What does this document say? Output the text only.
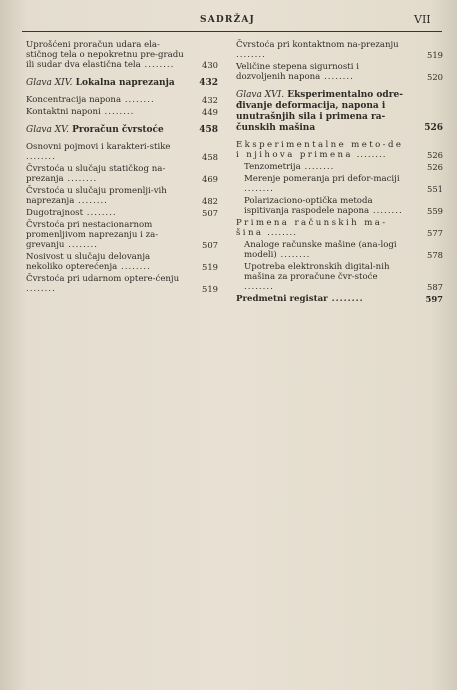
SADRŽAJ	VII
Uprošćeni proračun udara ela-stičnog tela o nepokretnu pre-gradu ili sudar dva elastična tela ........	430
Glava XIV. Lokalna naprezanja	432
Koncentracija napona ........	432
Kontaktni naponi ........	449
Glava XV. Proračun čvrstoće	458
Osnovni pojmovi i karakteri-stike ........	458
Čvrstoća u slučaju statičkog na-prezanja ........	469
Čvrstoća u slučaju promenlji-vih naprezanja ........	482
Dugotrajnost ........	507
Čvrstoća pri nestacionarnom promenljivom naprezanju i za-grevanju ........	507
Nosivost u slučaju delovanja nekoliko opterećenja ........	519
Čvrstoća pri udarnom optere-ćenju ........	519
Čvrstoća pri kontaktnom na-prezanju ........	519
Veličine stepena sigurnosti i dozvoljenih napona ........	520
Glava XVI. Eksperimentalno odre-đivanje deformacija, napona i unutrašnjih sila i primena ra-čunskih mašina	526
Eksperimentalne meto-de i njihova primena ........	526
Tenzometrija ........	526
Merenje pomeranja pri defor-maciji ........	551
Polarizaciono-optička metoda ispitivanja raspodele napona ........	559
Primena računskih ma-šina ........	577
Analoge računske mašine (ana-logi modeli) ........	578
Upotreba elektronskih digital-nih mašina za proračune čvr-stoće ........	587
Predmetni registar ........	597
